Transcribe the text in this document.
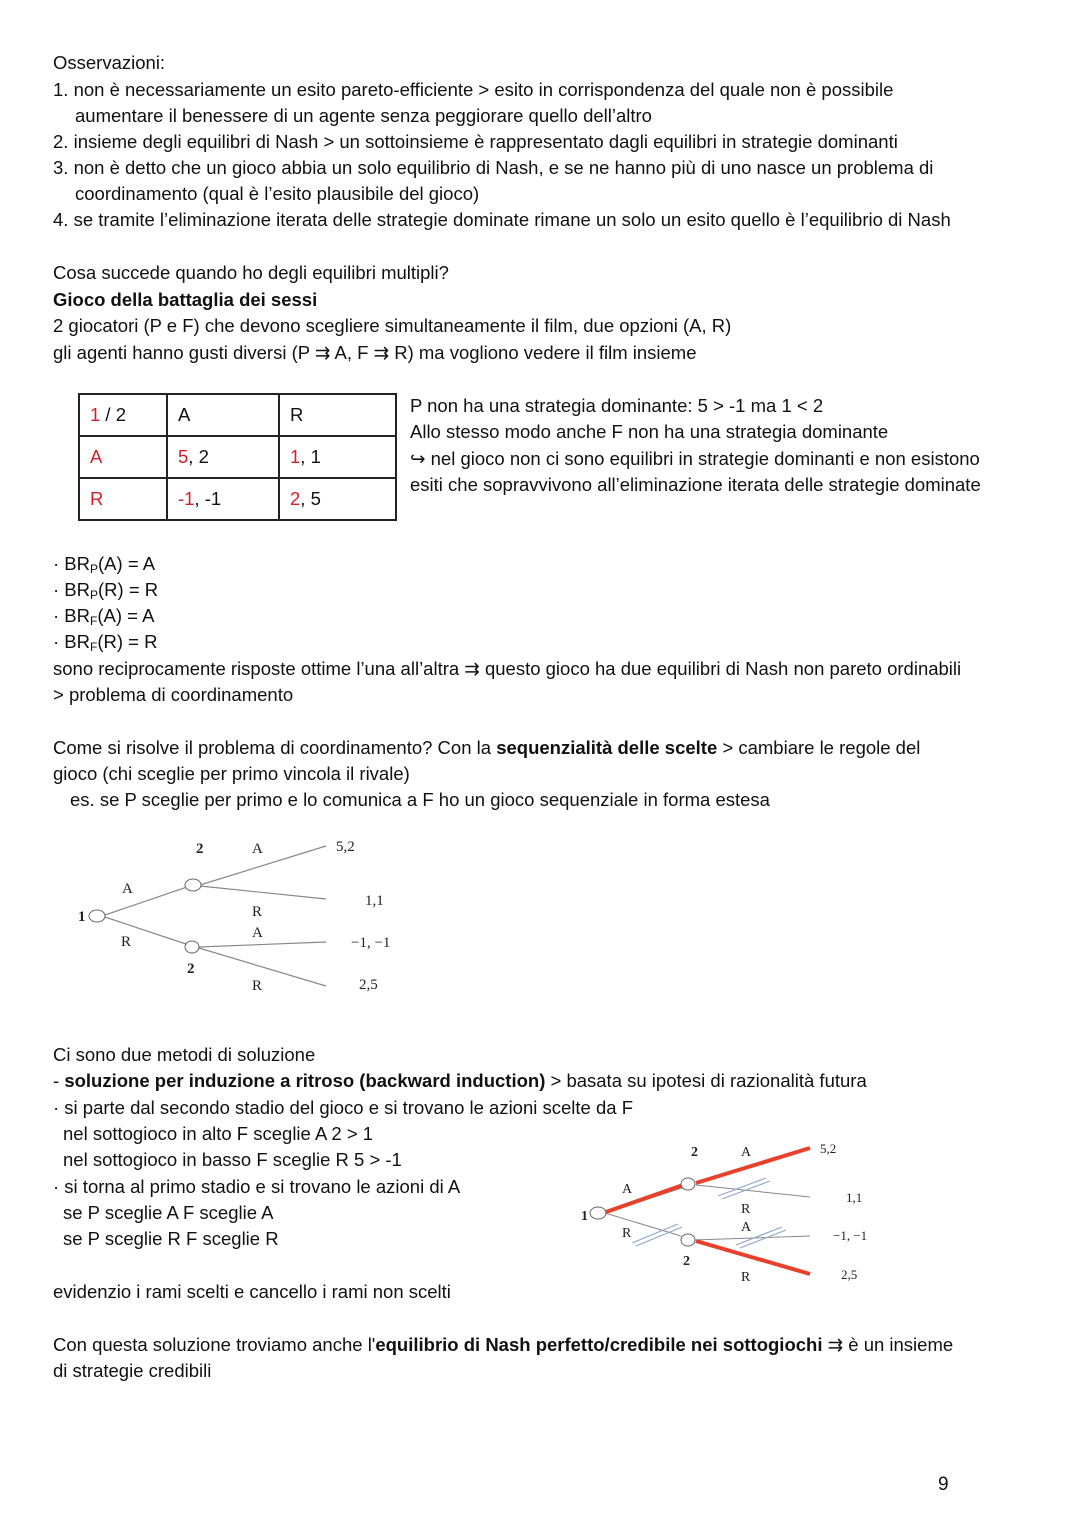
Osservazioni:
1. non è necessariamente un esito pareto-efficiente > esito in corrispondenza del quale non è possibile
aumentare il benessere di un agente senza peggiorare quello dell’altro
2. insieme degli equilibri di Nash > un sottoinsieme è rappresentato dagli equilibri in strategie dominanti
3. non è detto che un gioco abbia un solo equilibrio di Nash, e se ne hanno più di uno nasce un problema di
coordinamento (qual è l’esito plausibile del gioco)
4. se tramite l’eliminazione iterata delle strategie dominate rimane un solo un esito quello è l’equilibrio di Nash
Cosa succede quando ho degli equilibri multipli?
Gioco della battaglia dei sessi
2 giocatori (P e F) che devono scegliere simultaneamente il film, due opzioni (A, R)
gli agenti hanno gusti diversi (P ⇉ A, F ⇉ R) ma vogliono vedere il film insieme
1 / 2	A	R
A	5, 2	1, 1
R	-1, -1	2, 5
P non ha una strategia dominante: 5 > -1 ma 1 < 2
Allo stesso modo anche F non ha una strategia dominante
↪ nel gioco non ci sono equilibri in strategie dominanti e non esistono
esiti che sopravvivono all’eliminazione iterata delle strategie dominate
· $BR_P(A) = A$
· $BR_P(R) = R$
· $BR_F(A) = A$
· $BR_F(R) = R$
sono reciprocamente risposte ottime l’una all’altra ⇉ questo gioco ha due equilibri di Nash non pareto ordinabili
> problema di coordinamento
Come si risolve il problema di coordinamento? Con la sequenzialità delle scelte > cambiare le regole del
gioco (chi sceglie per primo vincola il rivale)
es. se P sceglie per primo e lo comunica a F ho un gioco sequenziale in forma estesa
1
2
2
A
R
A
R
A
R
5,2
1,1
−1, −1
2,5
1
2
2
A
R
A
R
A
R
5,2
1,1
−1, −1
2,5
Ci sono due metodi di soluzione
- soluzione per induzione a ritroso (backward induction) > basata su ipotesi di razionalità futura
· si parte dal secondo stadio del gioco e si trovano le azioni scelte da F
nel sottogioco in alto F sceglie A 2 > 1
nel sottogioco in basso F sceglie R 5 > -1
· si torna al primo stadio e si trovano le azioni di A
se P sceglie A F sceglie A
se P sceglie R F sceglie R
evidenzio i rami scelti e cancello i rami non scelti
Con questa soluzione troviamo anche l'equilibrio di Nash perfetto/credibile nei sottogiochi ⇉ è un insieme
di strategie credibili
9
